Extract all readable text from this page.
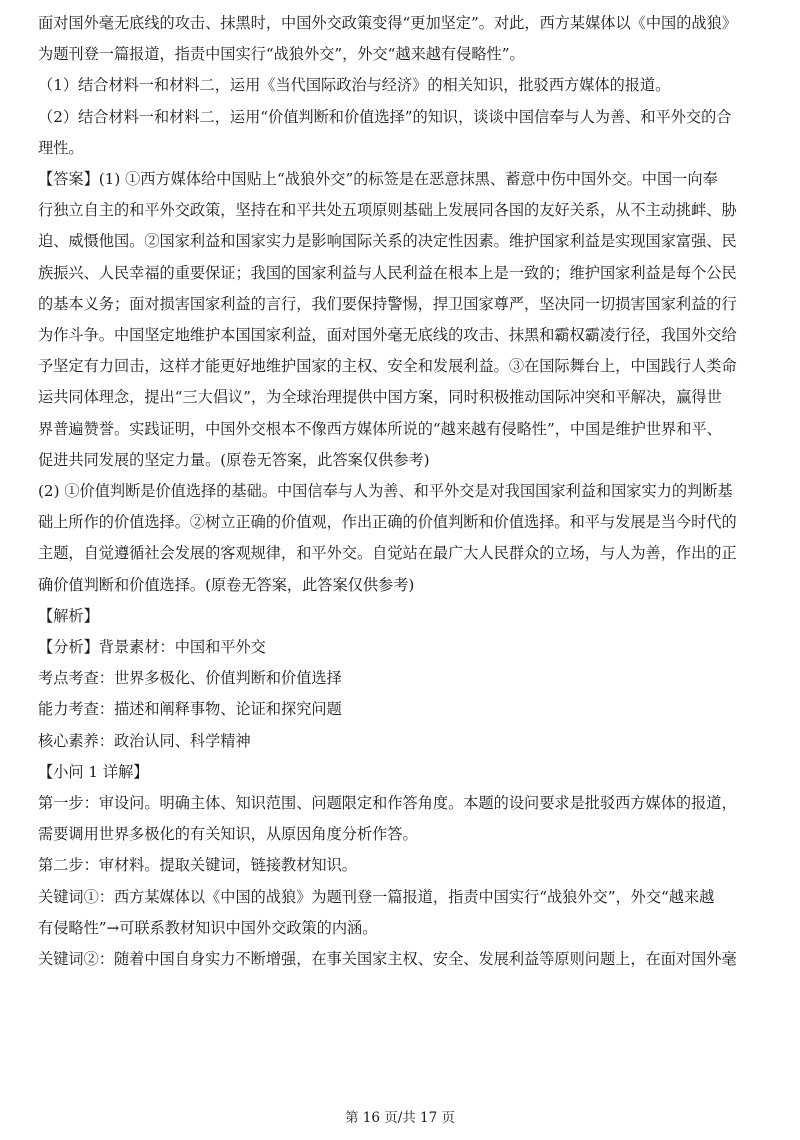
面对国外毫无底线的攻击、抹黑时，中国外交政策变得“更加坚定”。对此，西方某媒体以《中国的战狼》
为题刊登一篇报道，指责中国实行“战狼外交”，外交“越来越有侵略性”。

（1）结合材料一和材料二，运用《当代国际政治与经济》的相关知识，批驳西方媒体的报道。

（2）结合材料一和材料二，运用“价值判断和价值选择”的知识，谈谈中国信奉与人为善、和平外交的合
理性。

【答案】(1) ①西方媒体给中国贴上“战狼外交”的标签是在恶意抹黑、蓄意中伤中国外交。中国一向奉
行独立自主的和平外交政策，坚持在和平共处五项原则基础上发展同各国的友好关系，从不主动挑衅、胁
迫、威慑他国。②国家利益和国家实力是影响国际关系的决定性因素。维护国家利益是实现国家富强、民
族振兴、人民幸福的重要保证；我国的国家利益与人民利益在根本上是一致的；维护国家利益是每个公民
的基本义务；面对损害国家利益的言行，我们要保持警惕，捍卫国家尊严，坚决同一切损害国家利益的行
为作斗争。中国坚定地维护本国国家利益，面对国外毫无底线的攻击、抹黑和霸权霸凌行径，我国外交给
予坚定有力回击，这样才能更好地维护国家的主权、安全和发展利益。③在国际舞台上，中国践行人类命
运共同体理念，提出“三大倡议”，为全球治理提供中国方案，同时积极推动国际冲突和平解决，赢得世
界普遍赞誉。实践证明，中国外交根本不像西方媒体所说的“越来越有侵略性”，中国是维护世界和平、
促进共同发展的坚定力量。(原卷无答案，此答案仅供参考)

(2) ①价值判断是价值选择的基础。中国信奉与人为善、和平外交是对我国国家利益和国家实力的判断基
础上所作的价值选择。②树立正确的价值观，作出正确的价值判断和价值选择。和平与发展是当今时代的
主题，自觉遵循社会发展的客观规律，和平外交。自觉站在最广大人民群众的立场，与人为善，作出的正
确价值判断和价值选择。(原卷无答案，此答案仅供参考)

【解析】

【分析】背景素材：中国和平外交

考点考查：世界多极化、价值判断和价值选择

能力考查：描述和阐释事物、论证和探究问题

核心素养：政治认同、科学精神

【小问 1 详解】

第一步：审设问。明确主体、知识范围、问题限定和作答角度。本题的设问要求是批驳西方媒体的报道，
需要调用世界多极化的有关知识，从原因角度分析作答。

第二步：审材料。提取关键词，链接教材知识。

关键词①：西方某媒体以《中国的战狼》为题刊登一篇报道，指责中国实行“战狼外交”，外交“越来越
有侵略性”→可联系教材知识中国外交政策的内涵。

关键词②：随着中国自身实力不断增强，在事关国家主权、安全、发展利益等原则问题上，在面对国外毫

第 16 页/共 17 页
